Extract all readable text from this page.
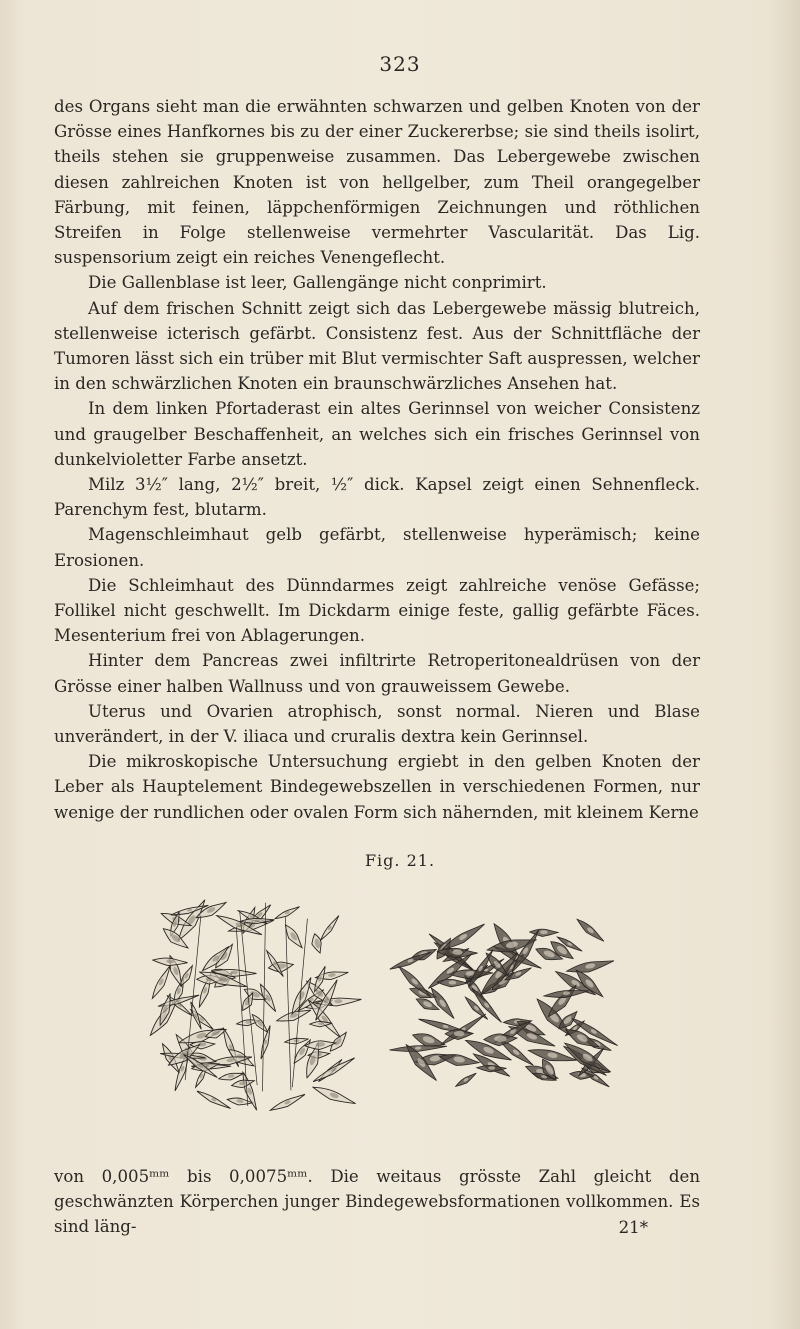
323

des Organs sieht man die erwähnten schwarzen und gelben Knoten von der Grösse eines Hanfkornes bis zu der einer Zuckererbse; sie sind theils isolirt, theils stehen sie gruppenweise zusammen. Das Lebergewebe zwischen diesen zahlreichen Knoten ist von hellgelber, zum Theil orangegelber Färbung, mit feinen, läppchenförmigen Zeichnungen und röthlichen Streifen in Folge stellenweise vermehrter Vascularität. Das Lig. suspensorium zeigt ein reiches Venengeflecht.

Die Gallenblase ist leer, Gallengänge nicht conprimirt.

Auf dem frischen Schnitt zeigt sich das Lebergewebe mässig blutreich, stellenweise icterisch gefärbt. Consistenz fest. Aus der Schnittfläche der Tumoren lässt sich ein trüber mit Blut vermischter Saft auspressen, welcher in den schwärzlichen Knoten ein braunschwärzliches Ansehen hat.

In dem linken Pfortaderast ein altes Gerinnsel von weicher Consistenz und graugelber Beschaffenheit, an welches sich ein frisches Gerinnsel von dunkelvioletter Farbe ansetzt.

Milz 3½″ lang, 2½″ breit, ½″ dick. Kapsel zeigt einen Sehnenfleck. Parenchym fest, blutarm.

Magenschleimhaut gelb gefärbt, stellenweise hyperämisch; keine Erosionen.

Die Schleimhaut des Dünndarmes zeigt zahlreiche venöse Gefässe; Follikel nicht geschwellt. Im Dickdarm einige feste, gallig gefärbte Fäces. Mesenterium frei von Ablagerungen.

Hinter dem Pancreas zwei infiltrirte Retroperitonealdrüsen von der Grösse einer halben Wallnuss und von grauweissem Gewebe.

Uterus und Ovarien atrophisch, sonst normal. Nieren und Blase unverändert, in der V. iliaca und cruralis dextra kein Gerinnsel.

Die mikroskopische Untersuchung ergiebt in den gelben Knoten der Leber als Hauptelement Bindegewebszellen in verschiedenen Formen, nur wenige der rundlichen oder ovalen Form sich nähernden, mit kleinem Kerne

Fig. 21.

von 0,005ᵐᵐ bis 0,0075ᵐᵐ. Die weitaus grösste Zahl gleicht den geschwänzten Körperchen junger Bindegewebsformationen vollkommen. Es sind läng-	21*
